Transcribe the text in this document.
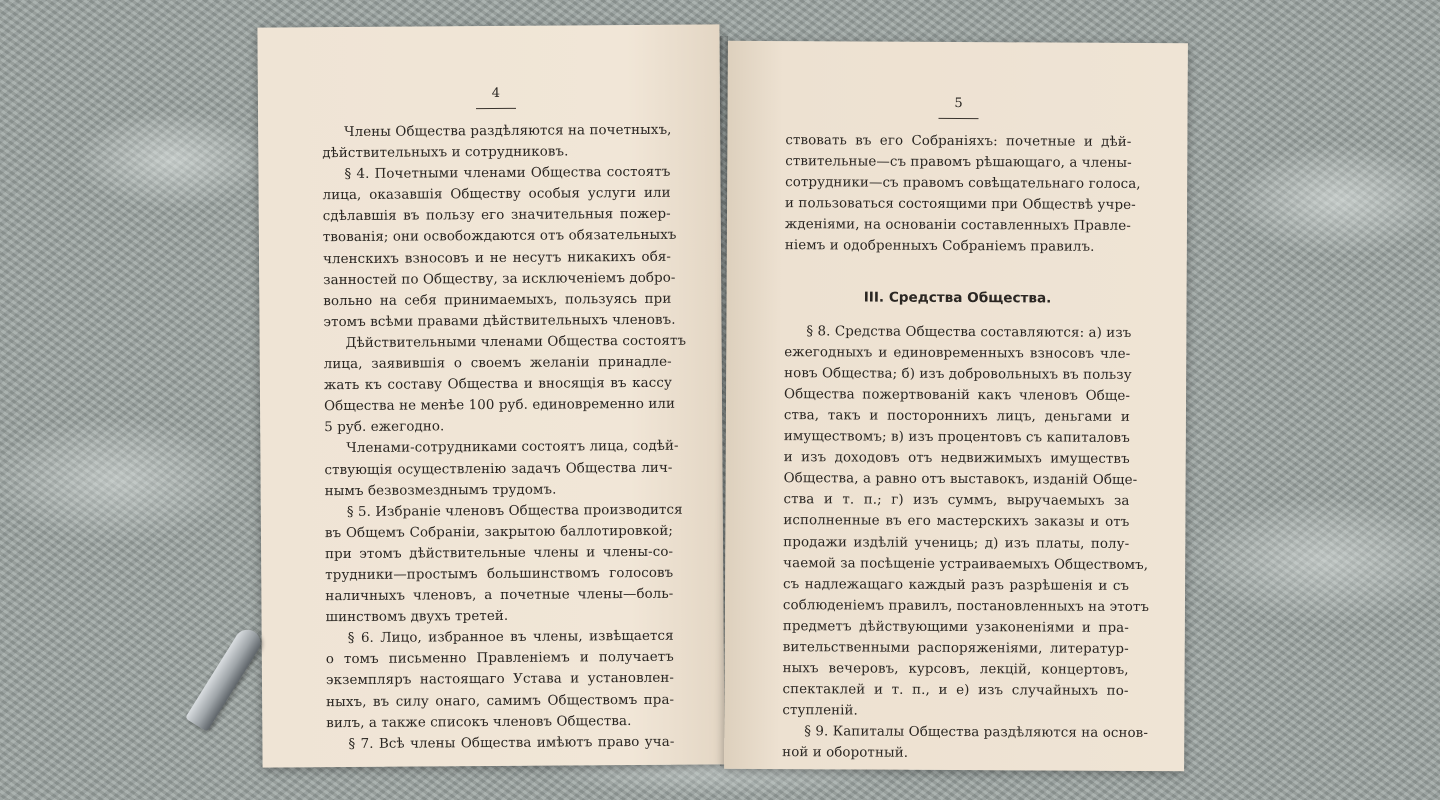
4
Члены Общества раздѣляются на почетныхъ,
дѣйствительныхъ и сотрудниковъ.
§ 4. Почетными членами Общества состоятъ
лица, оказавшія Обществу особыя услуги или
сдѣлавшія въ пользу его значительныя пожер-
твованія; они освобождаются отъ обязательныхъ
членскихъ взносовъ и не несутъ никакихъ обя-
занностей по Обществу, за исключеніемъ добро-
вольно на себя принимаемыхъ, пользуясь при
этомъ всѣми правами дѣйствительныхъ членовъ.
Дѣйствительными членами Общества состоятъ
лица, заявившія о своемъ желаніи принадле-
жать къ составу Общества и вносящія въ кассу
Общества не менѣе 100 руб. единовременно или
5 руб. ежегодно.
Членами-сотрудниками состоятъ лица, содѣй-
ствующія осуществленію задачъ Общества лич-
нымъ безвозмезднымъ трудомъ.
§ 5. Избраніе членовъ Общества производится
въ Общемъ Собраніи, закрытою баллотировкой;
при этомъ дѣйствительные члены и члены-со-
трудники—простымъ большинствомъ голосовъ
наличныхъ членовъ, а почетные члены—боль-
шинствомъ двухъ третей.
§ 6. Лицо, избранное въ члены, извѣщается
о томъ письменно Правленіемъ и получаетъ
экземпляръ настоящаго Устава и установлен-
ныхъ, въ силу онаго, самимъ Обществомъ пра-
вилъ, а также списокъ членовъ Общества.
§ 7. Всѣ члены Общества имѣютъ право уча-
5
ствовать въ его Собраніяхъ: почетные и дѣй-
ствительные—съ правомъ рѣшающаго, а члены-
сотрудники—съ правомъ совѣщательнаго голоса,
и пользоваться состоящими при Обществѣ учре-
жденіями, на основаніи составленныхъ Правле-
ніемъ и одобренныхъ Собраніемъ правилъ.
III. Средства Общества.
§ 8. Средства Общества составляются: а) изъ
ежегодныхъ и единовременныхъ взносовъ чле-
новъ Общества; б) изъ добровольныхъ въ пользу
Общества пожертвованій какъ членовъ Обще-
ства, такъ и постороннихъ лицъ, деньгами и
имуществомъ; в) изъ процентовъ съ капиталовъ
и изъ доходовъ отъ недвижимыхъ имуществъ
Общества, а равно отъ выставокъ, изданій Обще-
ства и т. п.; г) изъ суммъ, выручаемыхъ за
исполненные въ его мастерскихъ заказы и отъ
продажи издѣлій учениць; д) изъ платы, полу-
чаемой за посѣщеніе устраиваемыхъ Обществомъ,
съ надлежащаго каждый разъ разрѣшенія и съ
соблюденіемъ правилъ, постановленныхъ на этотъ
предметъ дѣйствующими узаконеніями и пра-
вительственными распоряженіями, литератур-
ныхъ вечеровъ, курсовъ, лекцій, концертовъ,
спектаклей и т. п., и е) изъ случайныхъ по-
ступленій.
§ 9. Капиталы Общества раздѣляются на основ-
ной и оборотный.
